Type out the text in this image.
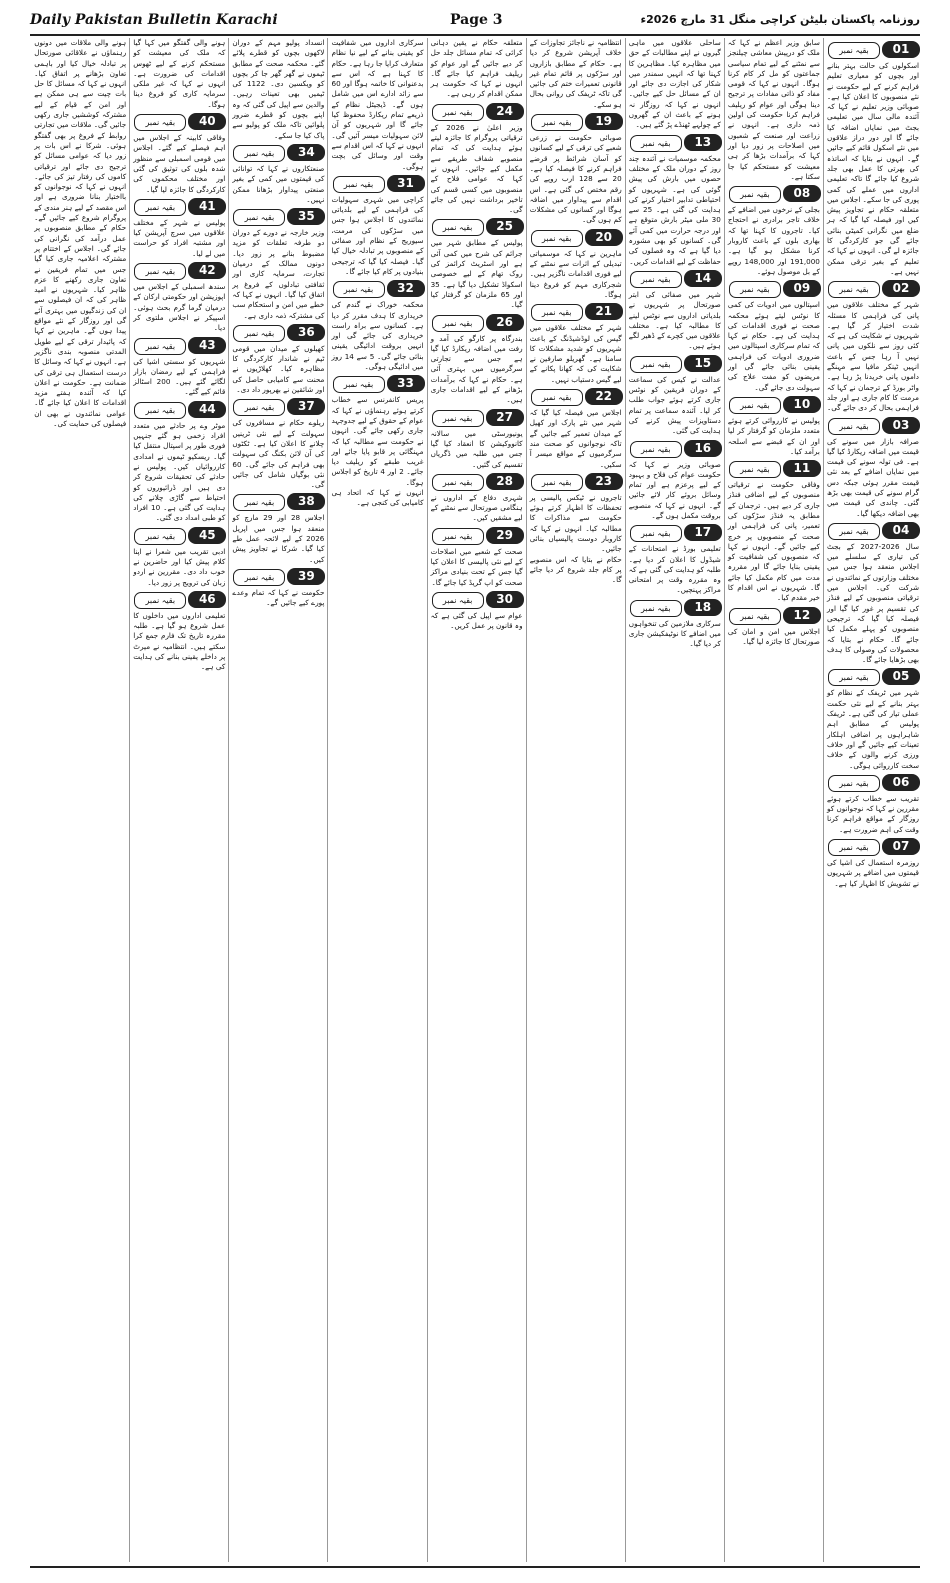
Daily Pakistan Bulletin Karachi	Page 3	روزنامہ پاکستان بلیٹن کراچی منگل 31 مارچ 2026ء
01
بقیہ نمبر

اسکولوں کی حالت بہتر بنانے اور بچوں کو معیاری تعلیم فراہم کرنے کے لیے حکومت نے نئے منصوبوں کا اعلان کیا ہے۔ صوبائی وزیر تعلیم نے کہا کہ آئندہ مالی سال میں تعلیمی بجٹ میں نمایاں اضافہ کیا جائے گا اور دور دراز علاقوں میں نئے اسکول قائم کیے جائیں گے۔ انہوں نے بتایا کہ اساتذہ کی بھرتی کا عمل بھی جلد شروع کیا جائے گا تاکہ تعلیمی اداروں میں عملے کی کمی پوری کی جا سکے۔ اجلاس میں متعلقہ حکام نے تجاویز پیش کیں اور فیصلہ کیا گیا کہ ہر ضلع میں نگرانی کمیٹی بنائی جائے گی جو کارکردگی کا جائزہ لے گی۔ انہوں نے کہا کہ تعلیم کے بغیر ترقی ممکن نہیں ہے۔

02
بقیہ نمبر

شہر کے مختلف علاقوں میں پانی کی فراہمی کا مسئلہ شدت اختیار کر گیا ہے۔ شہریوں نے شکایت کی ہے کہ کئی روز سے نلکوں میں پانی نہیں آ رہا جس کے باعث انہیں ٹینکر مافیا سے مہنگے داموں پانی خریدنا پڑ رہا ہے۔ واٹر بورڈ کے ترجمان نے کہا کہ مرمت کا کام جاری ہے اور جلد فراہمی بحال کر دی جائے گی۔

03
بقیہ نمبر

صرافہ بازار میں سونے کی قیمت میں اضافہ ریکارڈ کیا گیا ہے۔ فی تولہ سونے کی قیمت میں نمایاں اضافے کے بعد نئی قیمت مقرر ہوئی جبکہ دس گرام سونے کی قیمت بھی بڑھ گئی۔ چاندی کی قیمت میں بھی اضافہ دیکھا گیا۔

04
بقیہ نمبر

سال 2026-2027 کے بجٹ کی تیاری کے سلسلے میں اجلاس منعقد ہوا جس میں مختلف وزارتوں کے نمائندوں نے شرکت کی۔ اجلاس میں ترقیاتی منصوبوں کے لیے فنڈز کی تقسیم پر غور کیا گیا اور فیصلہ کیا گیا کہ ترجیحی منصوبوں کو پہلے مکمل کیا جائے گا۔ حکام نے بتایا کہ محصولات کی وصولی کا ہدف بھی بڑھایا جائے گا۔

05
بقیہ نمبر

شہر میں ٹریفک کے نظام کو بہتر بنانے کے لیے نئی حکمت عملی تیار کی گئی ہے۔ ٹریفک پولیس کے مطابق اہم شاہراہوں پر اضافی اہلکار تعینات کیے جائیں گے اور خلاف ورزی کرنے والوں کے خلاف سخت کارروائی ہوگی۔

06
بقیہ نمبر

تقریب سے خطاب کرتے ہوئے مقررین نے کہا کہ نوجوانوں کو روزگار کے مواقع فراہم کرنا وقت کی اہم ضرورت ہے۔

07
بقیہ نمبر

روزمرہ استعمال کی اشیا کی قیمتوں میں اضافے پر شہریوں نے تشویش کا اظہار کیا ہے۔

سابق وزیر اعظم نے کہا کہ ملک کو درپیش معاشی چیلنجز سے نمٹنے کے لیے تمام سیاسی جماعتوں کو مل کر کام کرنا ہوگا۔ انہوں نے کہا کہ قومی مفاد کو ذاتی مفادات پر ترجیح دینا ہوگی اور عوام کو ریلیف فراہم کرنا حکومت کی اولین ذمہ داری ہے۔ انہوں نے زراعت اور صنعت کے شعبوں میں اصلاحات پر زور دیا اور کہا کہ برآمدات بڑھا کر ہی معیشت کو مستحکم کیا جا سکتا ہے۔

08
بقیہ نمبر

بجلی کے نرخوں میں اضافے کے خلاف تاجر برادری نے احتجاج کیا۔ تاجروں کا کہنا تھا کہ بھاری بلوں کے باعث کاروبار کرنا مشکل ہو گیا ہے۔ 191,000 اور 148,000 روپے کے بل موصول ہوئے۔

09
بقیہ نمبر

اسپتالوں میں ادویات کی کمی کا نوٹس لیتے ہوئے محکمہ صحت نے فوری اقدامات کی ہدایت کی ہے۔ حکام نے کہا کہ تمام سرکاری اسپتالوں میں ضروری ادویات کی فراہمی یقینی بنائی جائے گی اور مریضوں کو مفت علاج کی سہولت دی جائے گی۔

10
بقیہ نمبر

پولیس نے کارروائی کرتے ہوئے متعدد ملزمان کو گرفتار کر لیا اور ان کے قبضے سے اسلحہ برآمد کیا۔

11
بقیہ نمبر

وفاقی حکومت نے ترقیاتی منصوبوں کے لیے اضافی فنڈز جاری کر دیے ہیں۔ ترجمان کے مطابق یہ فنڈز سڑکوں کی تعمیر، پانی کی فراہمی اور صحت کے منصوبوں پر خرچ کیے جائیں گے۔ انہوں نے کہا کہ منصوبوں کی شفافیت کو یقینی بنایا جائے گا اور مقررہ مدت میں کام مکمل کیا جائے گا۔ شہریوں نے اس اقدام کا خیر مقدم کیا۔

12
بقیہ نمبر

اجلاس میں امن و امان کی صورتحال کا جائزہ لیا گیا۔

ساحلی علاقوں میں ماہی گیروں نے اپنے مطالبات کے حق میں مظاہرہ کیا۔ مظاہرین کا کہنا تھا کہ انہیں سمندر میں شکار کی اجازت دی جائے اور ان کے مسائل حل کیے جائیں۔ انہوں نے کہا کہ روزگار نہ ہونے کے باعث ان کے گھروں کے چولہے ٹھنڈے پڑ گئے ہیں۔

13
بقیہ نمبر

محکمہ موسمیات نے آئندہ چند روز کے دوران ملک کے مختلف حصوں میں بارش کی پیش گوئی کی ہے۔ شہریوں کو احتیاطی تدابیر اختیار کرنے کی ہدایت کی گئی ہے۔ 25 سے 30 ملی میٹر بارش متوقع ہے اور درجہ حرارت میں کمی آئے گی۔ کسانوں کو بھی مشورہ دیا گیا ہے کہ وہ فصلوں کی حفاظت کے لیے اقدامات کریں۔

14
بقیہ نمبر

شہر میں صفائی کی ابتر صورتحال پر شہریوں نے بلدیاتی اداروں سے نوٹس لینے کا مطالبہ کیا ہے۔ مختلف علاقوں میں کچرے کے ڈھیر لگے ہوئے ہیں۔

15
بقیہ نمبر

عدالت نے کیس کی سماعت کے دوران فریقین کو نوٹس جاری کرتے ہوئے جواب طلب کر لیا۔ آئندہ سماعت پر تمام دستاویزات پیش کرنے کی ہدایت کی گئی۔

16
بقیہ نمبر

صوبائی وزیر نے کہا کہ حکومت عوام کی فلاح و بہبود کے لیے پرعزم ہے اور تمام وسائل بروئے کار لائے جائیں گے۔ انہوں نے کہا کہ منصوبے بروقت مکمل ہوں گے۔

17
بقیہ نمبر

تعلیمی بورڈ نے امتحانات کے شیڈول کا اعلان کر دیا ہے۔ طلبہ کو ہدایت کی گئی ہے کہ وہ مقررہ وقت پر امتحانی مراکز پہنچیں۔

18
بقیہ نمبر

سرکاری ملازمین کی تنخواہوں میں اضافے کا نوٹیفکیشن جاری کر دیا گیا۔

انتظامیہ نے ناجائز تجاوزات کے خلاف آپریشن شروع کر دیا ہے۔ حکام کے مطابق بازاروں اور سڑکوں پر قائم تمام غیر قانونی تعمیرات ختم کی جائیں گی تاکہ ٹریفک کی روانی بحال ہو سکے۔

19
بقیہ نمبر

صوبائی حکومت نے زرعی شعبے کی ترقی کے لیے کسانوں کو آسان شرائط پر قرضے فراہم کرنے کا فیصلہ کیا ہے۔ 20 سے 128 ارب روپے کی رقم مختص کی گئی ہے۔ اس اقدام سے پیداوار میں اضافہ ہوگا اور کسانوں کی مشکلات کم ہوں گی۔

20
بقیہ نمبر

ماہرین نے کہا کہ موسمیاتی تبدیلی کے اثرات سے نمٹنے کے لیے فوری اقدامات ناگزیر ہیں۔ شجرکاری مہم کو فروغ دینا ہوگا۔

21
بقیہ نمبر

شہر کے مختلف علاقوں میں گیس کی لوڈشیڈنگ کے باعث شہریوں کو شدید مشکلات کا سامنا ہے۔ گھریلو صارفین نے شکایت کی کہ کھانا پکانے کے لیے گیس دستیاب نہیں۔

22
بقیہ نمبر

اجلاس میں فیصلہ کیا گیا کہ شہر میں نئے پارک اور کھیل کے میدان تعمیر کیے جائیں گے تاکہ نوجوانوں کو صحت مند سرگرمیوں کے مواقع میسر آ سکیں۔

23
بقیہ نمبر

تاجروں نے ٹیکس پالیسی پر تحفظات کا اظہار کرتے ہوئے حکومت سے مذاکرات کا مطالبہ کیا۔ انہوں نے کہا کہ کاروبار دوست پالیسیاں بنائی جائیں۔

حکام نے بتایا کہ اس منصوبے پر کام جلد شروع کر دیا جائے گا۔

متعلقہ حکام نے یقین دہانی کرائی کہ تمام مسائل جلد حل کر دیے جائیں گے اور عوام کو ریلیف فراہم کیا جائے گا۔ انہوں نے کہا کہ حکومت ہر ممکن اقدام کر رہی ہے۔

24
بقیہ نمبر

وزیر اعلیٰ نے 2026 کے ترقیاتی پروگرام کا جائزہ لیتے ہوئے ہدایت کی کہ تمام منصوبے شفاف طریقے سے مکمل کیے جائیں۔ انہوں نے کہا کہ عوامی فلاح کے منصوبوں میں کسی قسم کی تاخیر برداشت نہیں کی جائے گی۔

25
بقیہ نمبر

پولیس کے مطابق شہر میں جرائم کی شرح میں کمی آئی ہے اور اسٹریٹ کرائمز کی روک تھام کے لیے خصوصی اسکواڈ تشکیل دیا گیا ہے۔ 35 اور 65 ملزمان کو گرفتار کیا گیا۔

26
بقیہ نمبر

بندرگاہ پر کارگو کی آمد و رفت میں اضافہ ریکارڈ کیا گیا ہے جس سے تجارتی سرگرمیوں میں بہتری آئی ہے۔ حکام نے کہا کہ برآمدات بڑھانے کے لیے اقدامات جاری ہیں۔

27
بقیہ نمبر

یونیورسٹی میں سالانہ کانووکیشن کا انعقاد کیا گیا جس میں طلبہ میں ڈگریاں تقسیم کی گئیں۔

28
بقیہ نمبر

شہری دفاع کے اداروں نے ہنگامی صورتحال سے نمٹنے کے لیے مشقیں کیں۔

29
بقیہ نمبر

صحت کے شعبے میں اصلاحات کے لیے نئی پالیسی کا اعلان کیا گیا جس کے تحت بنیادی مراکز صحت کو اپ گریڈ کیا جائے گا۔

30
بقیہ نمبر

عوام سے اپیل کی گئی ہے کہ وہ قانون پر عمل کریں۔

سرکاری اداروں میں شفافیت کو یقینی بنانے کے لیے نیا نظام متعارف کرایا جا رہا ہے۔ حکام کا کہنا ہے کہ اس سے بدعنوانی کا خاتمہ ہوگا اور 60 سے زائد ادارے اس میں شامل ہوں گے۔ ڈیجیٹل نظام کے ذریعے تمام ریکارڈ محفوظ کیا جائے گا اور شہریوں کو آن لائن سہولیات میسر آئیں گی۔ انہوں نے کہا کہ اس اقدام سے وقت اور وسائل کی بچت ہوگی۔

31
بقیہ نمبر

کراچی میں شہری سہولیات کی فراہمی کے لیے بلدیاتی نمائندوں کا اجلاس ہوا جس میں سڑکوں کی مرمت، سیوریج کے نظام اور صفائی کے منصوبوں پر تبادلہ خیال کیا گیا۔ فیصلہ کیا گیا کہ ترجیحی بنیادوں پر کام کیا جائے گا۔

32
بقیہ نمبر

محکمہ خوراک نے گندم کی خریداری کا ہدف مقرر کر دیا ہے۔ کسانوں سے براہ راست خریداری کی جائے گی اور انہیں بروقت ادائیگی یقینی بنائی جائے گی۔ 5 سے 14 روز میں ادائیگی ہوگی۔

33
بقیہ نمبر

پریس کانفرنس سے خطاب کرتے ہوئے رہنماؤں نے کہا کہ عوام کے حقوق کے لیے جدوجہد جاری رکھی جائے گی۔ انہوں نے حکومت سے مطالبہ کیا کہ مہنگائی پر قابو پایا جائے اور غریب طبقے کو ریلیف دیا جائے۔ 2 اور 4 تاریخ کو اجلاس ہوگا۔

انہوں نے کہا کہ اتحاد ہی کامیابی کی کنجی ہے۔

انسداد پولیو مہم کے دوران لاکھوں بچوں کو قطرے پلائے گئے۔ محکمہ صحت کے مطابق ٹیموں نے گھر گھر جا کر بچوں کو ویکسین دی۔ 1122 کی ٹیمیں بھی تعینات رہیں۔ والدین سے اپیل کی گئی کہ وہ اپنے بچوں کو قطرے ضرور پلوائیں تاکہ ملک کو پولیو سے پاک کیا جا سکے۔

34
بقیہ نمبر

صنعتکاروں نے کہا کہ توانائی کی قیمتوں میں کمی کے بغیر صنعتی پیداوار بڑھانا ممکن نہیں۔

35
بقیہ نمبر

وزیر خارجہ نے دورے کے دوران دو طرفہ تعلقات کو مزید مضبوط بنانے پر زور دیا۔ دونوں ممالک کے درمیان تجارت، سرمایہ کاری اور ثقافتی تبادلوں کے فروغ پر اتفاق کیا گیا۔ انہوں نے کہا کہ خطے میں امن و استحکام سب کی مشترکہ ذمہ داری ہے۔

36
بقیہ نمبر

کھیلوں کے میدان میں قومی ٹیم نے شاندار کارکردگی کا مظاہرہ کیا۔ کھلاڑیوں نے محنت سے کامیابی حاصل کی اور شائقین نے بھرپور داد دی۔

37
بقیہ نمبر

ریلوے حکام نے مسافروں کی سہولت کے لیے نئی ٹرینیں چلانے کا اعلان کیا ہے۔ ٹکٹوں کی آن لائن بکنگ کی سہولت بھی فراہم کی جائے گی۔ 60 نئی بوگیاں شامل کی جائیں گی۔

38
بقیہ نمبر

اجلاس 28 اور 29 مارچ کو منعقد ہوا جس میں اپریل 2026 کے لیے لائحہ عمل طے کیا گیا۔ شرکا نے تجاویز پیش کیں۔

39
بقیہ نمبر

حکومت نے کہا کہ تمام وعدے پورے کیے جائیں گے۔

ہونے والی گفتگو میں کہا گیا کہ ملک کی معیشت کو مستحکم کرنے کے لیے ٹھوس اقدامات کی ضرورت ہے۔ انہوں نے کہا کہ غیر ملکی سرمایہ کاری کو فروغ دینا ہوگا۔

40
بقیہ نمبر

وفاقی کابینہ کے اجلاس میں اہم فیصلے کیے گئے۔ اجلاس میں قومی اسمبلی سے منظور شدہ بلوں کی توثیق کی گئی اور مختلف محکموں کی کارکردگی کا جائزہ لیا گیا۔

41
بقیہ نمبر

پولیس نے شہر کے مختلف علاقوں میں سرچ آپریشن کیا اور مشتبہ افراد کو حراست میں لے لیا۔

42
بقیہ نمبر

سندھ اسمبلی کے اجلاس میں اپوزیشن اور حکومتی ارکان کے درمیان گرما گرم بحث ہوئی۔ اسپیکر نے اجلاس ملتوی کر دیا۔

43
بقیہ نمبر

شہریوں کو سستی اشیا کی فراہمی کے لیے رمضان بازار لگائے گئے ہیں۔ 200 اسٹالز قائم کیے گئے۔

44
بقیہ نمبر

موٹر وے پر حادثے میں متعدد افراد زخمی ہو گئے جنہیں فوری طور پر اسپتال منتقل کیا گیا۔ ریسکیو ٹیموں نے امدادی کارروائیاں کیں۔ پولیس نے حادثے کی تحقیقات شروع کر دی ہیں اور ڈرائیوروں کو احتیاط سے گاڑی چلانے کی ہدایت کی گئی ہے۔ 10 افراد کو طبی امداد دی گئی۔

45
بقیہ نمبر

ادبی تقریب میں شعرا نے اپنا کلام پیش کیا اور حاضرین نے خوب داد دی۔ مقررین نے اردو زبان کی ترویج پر زور دیا۔

46
بقیہ نمبر

تعلیمی اداروں میں داخلوں کا عمل شروع ہو گیا ہے۔ طلبہ مقررہ تاریخ تک فارم جمع کرا سکتے ہیں۔ انتظامیہ نے میرٹ پر داخلے یقینی بنانے کی ہدایت کی ہے۔

ہونے والی ملاقات میں دونوں رہنماؤں نے علاقائی صورتحال پر تبادلہ خیال کیا اور باہمی تعاون بڑھانے پر اتفاق کیا۔ انہوں نے کہا کہ مسائل کا حل بات چیت سے ہی ممکن ہے اور امن کے قیام کے لیے مشترکہ کوششیں جاری رکھی جائیں گی۔ ملاقات میں تجارتی روابط کے فروغ پر بھی گفتگو ہوئی۔ شرکا نے اس بات پر زور دیا کہ عوامی مسائل کو ترجیح دی جائے اور ترقیاتی کاموں کی رفتار تیز کی جائے۔ انہوں نے کہا کہ نوجوانوں کو بااختیار بنانا ضروری ہے اور اس مقصد کے لیے ہنر مندی کے پروگرام شروع کیے جائیں گے۔ حکام کے مطابق منصوبوں پر عمل درآمد کی نگرانی کی جائے گی۔ اجلاس کے اختتام پر مشترکہ اعلامیہ جاری کیا گیا جس میں تمام فریقین نے تعاون جاری رکھنے کا عزم ظاہر کیا۔ شہریوں نے امید ظاہر کی کہ ان فیصلوں سے ان کی زندگیوں میں بہتری آئے گی اور روزگار کے نئے مواقع پیدا ہوں گے۔ ماہرین نے کہا کہ پائیدار ترقی کے لیے طویل المدتی منصوبہ بندی ناگزیر ہے۔ انہوں نے کہا کہ وسائل کا درست استعمال ہی ترقی کی ضمانت ہے۔ حکومت نے اعلان کیا کہ آئندہ ہفتے مزید اقدامات کا اعلان کیا جائے گا۔ عوامی نمائندوں نے بھی ان فیصلوں کی حمایت کی۔
